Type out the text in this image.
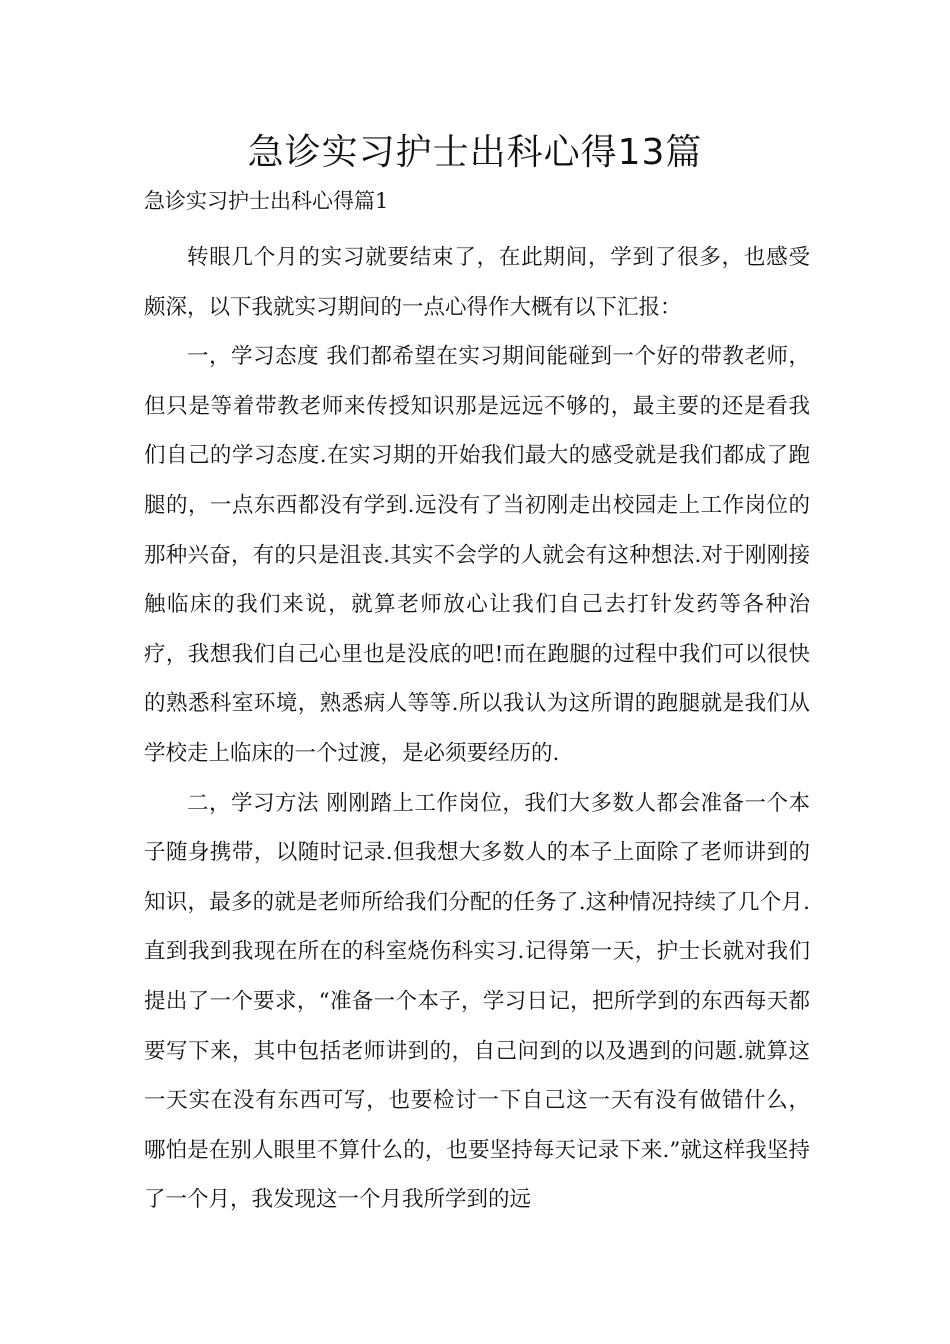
急诊实习护士出科心得13篇

急诊实习护士出科心得篇1

转眼几个月的实习就要结束了，在此期间，学到了很多，也感受颇深，以下我就实习期间的一点心得作大概有以下汇报：

一，学习态度 我们都希望在实习期间能碰到一个好的带教老师，但只是等着带教老师来传授知识那是远远不够的，最主要的还是看我们自己的学习态度.在实习期的开始我们最大的感受就是我们都成了跑腿的，一点东西都没有学到.远没有了当初刚走出校园走上工作岗位的那种兴奋，有的只是沮丧.其实不会学的人就会有这种想法.对于刚刚接触临床的我们来说，就算老师放心让我们自己去打针发药等各种治疗，我想我们自己心里也是没底的吧!而在跑腿的过程中我们可以很快的熟悉科室环境，熟悉病人等等.所以我认为这所谓的跑腿就是我们从学校走上临床的一个过渡，是必须要经历的.

二，学习方法 刚刚踏上工作岗位，我们大多数人都会准备一个本子随身携带，以随时记录.但我想大多数人的本子上面除了老师讲到的知识，最多的就是老师所给我们分配的任务了.这种情况持续了几个月.直到我到我现在所在的科室烧伤科实习.记得第一天，护士长就对我们提出了一个要求，“准备一个本子，学习日记，把所学到的东西每天都要写下来，其中包括老师讲到的，自己问到的以及遇到的问题.就算这一天实在没有东西可写，也要检讨一下自己这一天有没有做错什么，哪怕是在别人眼里不算什么的，也要坚持每天记录下来.”就这样我坚持了一个月，我发现这一个月我所学到的远
